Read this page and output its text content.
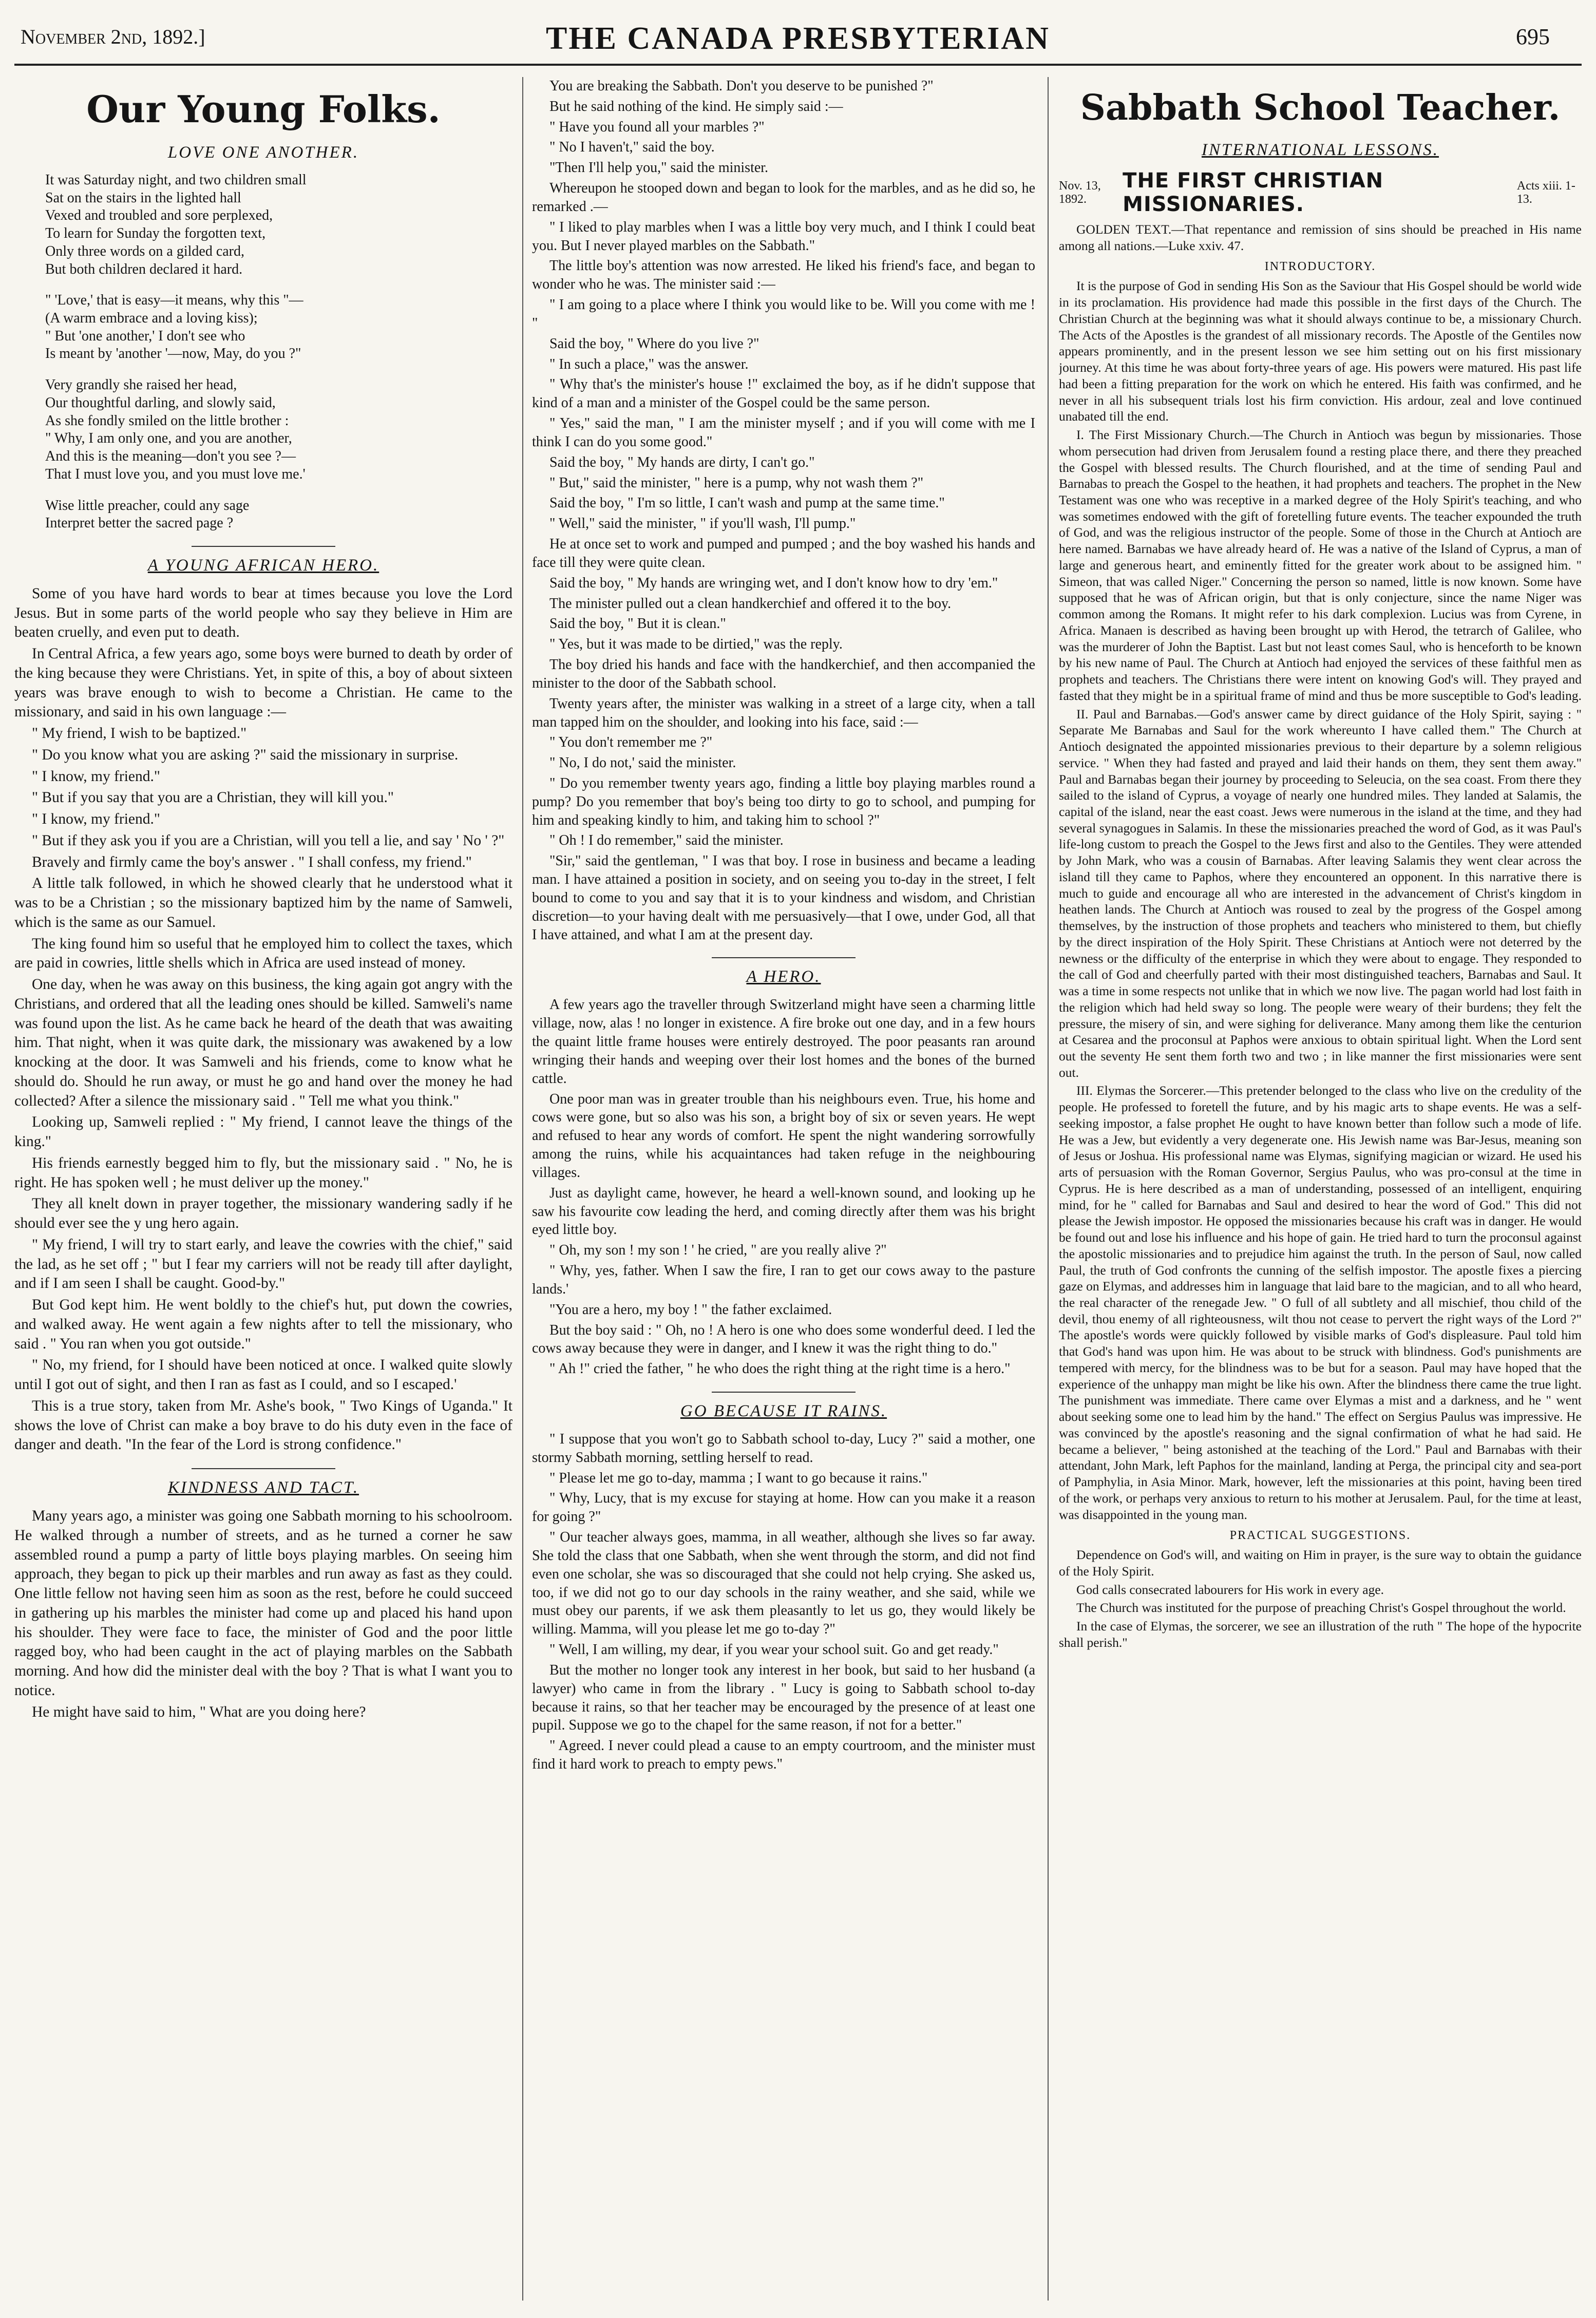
November 2nd, 1892.]	THE CANADA PRESBYTERIAN	695
Our Young Folks.
LOVE ONE ANOTHER.

It was Saturday night, and two children small

Sat on the stairs in the lighted hall

Vexed and troubled and sore perplexed,

To learn for Sunday the forgotten text,

Only three words on a gilded card,

But both children declared it hard.

" 'Love,' that is easy—it means, why this "—

(A warm embrace and a loving kiss);

" But 'one another,' I don't see who

Is meant by 'another '—now, May, do you ?"

Very grandly she raised her head,

Our thoughtful darling, and slowly said,

As she fondly smiled on the little brother :

" Why, I am only one, and you are another,

And this is the meaning—don't you see ?—

That I must love you, and you must love me.'

Wise little preacher, could any sage

Interpret better the sacred page ?

A YOUNG AFRICAN HERO.

Some of you have hard words to bear at times because you love the Lord Jesus. But in some parts of the world people who say they believe in Him are beaten cruelly, and even put to death.

In Central Africa, a few years ago, some boys were burned to death by order of the king because they were Christians. Yet, in spite of this, a boy of about sixteen years was brave enough to wish to become a Christian. He came to the missionary, and said in his own language :—

" My friend, I wish to be baptized."

" Do you know what you are asking ?" said the missionary in surprise.

" I know, my friend."

" But if you say that you are a Christian, they will kill you."

" I know, my friend."

" But if they ask you if you are a Christian, will you tell a lie, and say ' No ' ?"

Bravely and firmly came the boy's answer . " I shall confess, my friend."

A little talk followed, in which he showed clearly that he understood what it was to be a Christian ; so the missionary baptized him by the name of Samweli, which is the same as our Samuel.

The king found him so useful that he employed him to collect the taxes, which are paid in cowries, little shells which in Africa are used instead of money.

One day, when he was away on this business, the king again got angry with the Christians, and ordered that all the leading ones should be killed. Samweli's name was found upon the list. As he came back he heard of the death that was awaiting him. That night, when it was quite dark, the missionary was awakened by a low knocking at the door. It was Samweli and his friends, come to know what he should do. Should he run away, or must he go and hand over the money he had collected? After a silence the missionary said . " Tell me what you think."

Looking up, Samweli replied : " My friend, I cannot leave the things of the king."

His friends earnestly begged him to fly, but the missionary said . " No, he is right. He has spoken well ; he must deliver up the money."

They all knelt down in prayer together, the missionary wandering sadly if he should ever see the y ung hero again.

" My friend, I will try to start early, and leave the cowries with the chief," said the lad, as he set off ; " but I fear my carriers will not be ready till after daylight, and if I am seen I shall be caught. Good-by."

But God kept him. He went boldly to the chief's hut, put down the cowries, and walked away. He went again a few nights after to tell the missionary, who said . " You ran when you got outside."

" No, my friend, for I should have been noticed at once. I walked quite slowly until I got out of sight, and then I ran as fast as I could, and so I escaped.'

This is a true story, taken from Mr. Ashe's book, " Two Kings of Uganda." It shows the love of Christ can make a boy brave to do his duty even in the face of danger and death. "In the fear of the Lord is strong confidence."

KINDNESS AND TACT.

Many years ago, a minister was going one Sabbath morning to his schoolroom. He walked through a number of streets, and as he turned a corner he saw assembled round a pump a party of little boys playing marbles. On seeing him approach, they began to pick up their marbles and run away as fast as they could. One little fellow not having seen him as soon as the rest, before he could succeed in gathering up his marbles the minister had come up and placed his hand upon his shoulder. They were face to face, the minister of God and the poor little ragged boy, who had been caught in the act of playing marbles on the Sabbath morning. And how did the minister deal with the boy ? That is what I want you to notice.

He might have said to him, " What are you doing here?

You are breaking the Sabbath. Don't you deserve to be punished ?"

But he said nothing of the kind. He simply said :—

" Have you found all your marbles ?"

" No I haven't," said the boy.

"Then I'll help you," said the minister.

Whereupon he stooped down and began to look for the marbles, and as he did so, he remarked .—

" I liked to play marbles when I was a little boy very much, and I think I could beat you. But I never played marbles on the Sabbath."

The little boy's attention was now arrested. He liked his friend's face, and began to wonder who he was. The minister said :—

" I am going to a place where I think you would like to be. Will you come with me ! "

Said the boy, " Where do you live ?"

" In such a place," was the answer.

" Why that's the minister's house !" exclaimed the boy, as if he didn't suppose that kind of a man and a minister of the Gospel could be the same person.

" Yes," said the man, " I am the minister myself ; and if you will come with me I think I can do you some good."

Said the boy, " My hands are dirty, I can't go."

" But," said the minister, " here is a pump, why not wash them ?"

Said the boy, " I'm so little, I can't wash and pump at the same time."

" Well," said the minister, " if you'll wash, I'll pump."

He at once set to work and pumped and pumped ; and the boy washed his hands and face till they were quite clean.

Said the boy, " My hands are wringing wet, and I don't know how to dry 'em."

The minister pulled out a clean handkerchief and offered it to the boy.

Said the boy, " But it is clean."

" Yes, but it was made to be dirtied," was the reply.

The boy dried his hands and face with the handkerchief, and then accompanied the minister to the door of the Sabbath school.

Twenty years after, the minister was walking in a street of a large city, when a tall man tapped him on the shoulder, and looking into his face, said :—

" You don't remember me ?"

" No, I do not,' said the minister.

" Do you remember twenty years ago, finding a little boy playing marbles round a pump? Do you remember that boy's being too dirty to go to school, and pumping for him and speaking kindly to him, and taking him to school ?"

" Oh ! I do remember," said the minister.

"Sir," said the gentleman, " I was that boy. I rose in business and became a leading man. I have attained a position in society, and on seeing you to-day in the street, I felt bound to come to you and say that it is to your kindness and wisdom, and Christian discretion—to your having dealt with me persuasively—that I owe, under God, all that I have attained, and what I am at the present day.

A HERO.

A few years ago the traveller through Switzerland might have seen a charming little village, now, alas ! no longer in existence. A fire broke out one day, and in a few hours the quaint little frame houses were entirely destroyed. The poor peasants ran around wringing their hands and weeping over their lost homes and the bones of the burned cattle.

One poor man was in greater trouble than his neighbours even. True, his home and cows were gone, but so also was his son, a bright boy of six or seven years. He wept and refused to hear any words of comfort. He spent the night wandering sorrowfully among the ruins, while his acquaintances had taken refuge in the neighbouring villages.

Just as daylight came, however, he heard a well-known sound, and looking up he saw his favourite cow leading the herd, and coming directly after them was his bright eyed little boy.

" Oh, my son ! my son ! ' he cried, " are you really alive ?"

" Why, yes, father. When I saw the fire, I ran to get our cows away to the pasture lands.'

"You are a hero, my boy ! " the father exclaimed.

But the boy said : " Oh, no ! A hero is one who does some wonderful deed. I led the cows away because they were in danger, and I knew it was the right thing to do."

" Ah !" cried the father, " he who does the right thing at the right time is a hero."

GO BECAUSE IT RAINS.

" I suppose that you won't go to Sabbath school to-day, Lucy ?" said a mother, one stormy Sabbath morning, settling herself to read.

" Please let me go to-day, mamma ; I want to go because it rains."

" Why, Lucy, that is my excuse for staying at home. How can you make it a reason for going ?"

" Our teacher always goes, mamma, in all weather, although she lives so far away. She told the class that one Sabbath, when she went through the storm, and did not find even one scholar, she was so discouraged that she could not help crying. She asked us, too, if we did not go to our day schools in the rainy weather, and she said, while we must obey our parents, if we ask them pleasantly to let us go, they would likely be willing. Mamma, will you please let me go to-day ?"

" Well, I am willing, my dear, if you wear your school suit. Go and get ready."

But the mother no longer took any interest in her book, but said to her husband (a lawyer) who came in from the library . " Lucy is going to Sabbath school to-day because it rains, so that her teacher may be encouraged by the presence of at least one pupil. Suppose we go to the chapel for the same reason, if not for a better."

" Agreed. I never could plead a cause to an empty courtroom, and the minister must find it hard work to preach to empty pews."

Sabbath School Teacher.
INTERNATIONAL LESSONS.
Nov. 13, 1892.
THE FIRST CHRISTIAN MISSIONARIES.
Acts xiii. 1-13.

GOLDEN TEXT.—That repentance and remission of sins should be preached in His name among all nations.—Luke xxiv. 47.

INTRODUCTORY.

It is the purpose of God in sending His Son as the Saviour that His Gospel should be world wide in its proclamation. His providence had made this possible in the first days of the Church. The Christian Church at the beginning was what it should always continue to be, a missionary Church. The Acts of the Apostles is the grandest of all missionary records. The Apostle of the Gentiles now appears prominently, and in the present lesson we see him setting out on his first missionary journey. At this time he was about forty-three years of age. His powers were matured. His past life had been a fitting preparation for the work on which he entered. His faith was confirmed, and he never in all his subsequent trials lost his firm conviction. His ardour, zeal and love continued unabated till the end.

I. The First Missionary Church.—The Church in Antioch was begun by missionaries. Those whom persecution had driven from Jerusalem found a resting place there, and there they preached the Gospel with blessed results. The Church flourished, and at the time of sending Paul and Barnabas to preach the Gospel to the heathen, it had prophets and teachers. The prophet in the New Testament was one who was receptive in a marked degree of the Holy Spirit's teaching, and who was sometimes endowed with the gift of foretelling future events. The teacher expounded the truth of God, and was the religious instructor of the people. Some of those in the Church at Antioch are here named. Barnabas we have already heard of. He was a native of the Island of Cyprus, a man of large and generous heart, and eminently fitted for the greater work about to be assigned him. " Simeon, that was called Niger." Concerning the person so named, little is now known. Some have supposed that he was of African origin, but that is only conjecture, since the name Niger was common among the Romans. It might refer to his dark complexion. Lucius was from Cyrene, in Africa. Manaen is described as having been brought up with Herod, the tetrarch of Galilee, who was the murderer of John the Baptist. Last but not least comes Saul, who is henceforth to be known by his new name of Paul. The Church at Antioch had enjoyed the services of these faithful men as prophets and teachers. The Christians there were intent on knowing God's will. They prayed and fasted that they might be in a spiritual frame of mind and thus be more susceptible to God's leading.

II. Paul and Barnabas.—God's answer came by direct guidance of the Holy Spirit, saying : " Separate Me Barnabas and Saul for the work whereunto I have called them." The Church at Antioch designated the appointed missionaries previous to their departure by a solemn religious service. " When they had fasted and prayed and laid their hands on them, they sent them away." Paul and Barnabas began their journey by proceeding to Seleucia, on the sea coast. From there they sailed to the island of Cyprus, a voyage of nearly one hundred miles. They landed at Salamis, the capital of the island, near the east coast. Jews were numerous in the island at the time, and they had several synagogues in Salamis. In these the missionaries preached the word of God, as it was Paul's life-long custom to preach the Gospel to the Jews first and also to the Gentiles. They were attended by John Mark, who was a cousin of Barnabas. After leaving Salamis they went clear across the island till they came to Paphos, where they encountered an opponent. In this narrative there is much to guide and encourage all who are interested in the advancement of Christ's kingdom in heathen lands. The Church at Antioch was roused to zeal by the progress of the Gospel among themselves, by the instruction of those prophets and teachers who ministered to them, but chiefly by the direct inspiration of the Holy Spirit. These Christians at Antioch were not deterred by the newness or the difficulty of the enterprise in which they were about to engage. They responded to the call of God and cheerfully parted with their most distinguished teachers, Barnabas and Saul. It was a time in some respects not unlike that in which we now live. The pagan world had lost faith in the religion which had held sway so long. The people were weary of their burdens; they felt the pressure, the misery of sin, and were sighing for deliverance. Many among them like the centurion at Cesarea and the proconsul at Paphos were anxious to obtain spiritual light. When the Lord sent out the seventy He sent them forth two and two ; in like manner the first missionaries were sent out.

III. Elymas the Sorcerer.—This pretender belonged to the class who live on the credulity of the people. He professed to foretell the future, and by his magic arts to shape events. He was a self-seeking impostor, a false prophet He ought to have known better than follow such a mode of life. He was a Jew, but evidently a very degenerate one. His Jewish name was Bar-Jesus, meaning son of Jesus or Joshua. His professional name was Elymas, signifying magician or wizard. He used his arts of persuasion with the Roman Governor, Sergius Paulus, who was pro-consul at the time in Cyprus. He is here described as a man of understanding, possessed of an intelligent, enquiring mind, for he " called for Barnabas and Saul and desired to hear the word of God." This did not please the Jewish impostor. He opposed the missionaries because his craft was in danger. He would be found out and lose his influence and his hope of gain. He tried hard to turn the proconsul against the apostolic missionaries and to prejudice him against the truth. In the person of Saul, now called Paul, the truth of God confronts the cunning of the selfish impostor. The apostle fixes a piercing gaze on Elymas, and addresses him in language that laid bare to the magician, and to all who heard, the real character of the renegade Jew. " O full of all subtlety and all mischief, thou child of the devil, thou enemy of all righteousness, wilt thou not cease to pervert the right ways of the Lord ?" The apostle's words were quickly followed by visible marks of God's displeasure. Paul told him that God's hand was upon him. He was about to be struck with blindness. God's punishments are tempered with mercy, for the blindness was to be but for a season. Paul may have hoped that the experience of the unhappy man might be like his own. After the blindness there came the true light. The punishment was immediate. There came over Elymas a mist and a darkness, and he " went about seeking some one to lead him by the hand." The effect on Sergius Paulus was impressive. He was convinced by the apostle's reasoning and the signal confirmation of what he had said. He became a believer, " being astonished at the teaching of the Lord." Paul and Barnabas with their attendant, John Mark, left Paphos for the mainland, landing at Perga, the principal city and sea-port of Pamphylia, in Asia Minor. Mark, however, left the missionaries at this point, having been tired of the work, or perhaps very anxious to return to his mother at Jerusalem. Paul, for the time at least, was disappointed in the young man.

PRACTICAL SUGGESTIONS.

Dependence on God's will, and waiting on Him in prayer, is the sure way to obtain the guidance of the Holy Spirit.

God calls consecrated labourers for His work in every age.

The Church was instituted for the purpose of preaching Christ's Gospel throughout the world.

In the case of Elymas, the sorcerer, we see an illustration of the ruth " The hope of the hypocrite shall perish."
